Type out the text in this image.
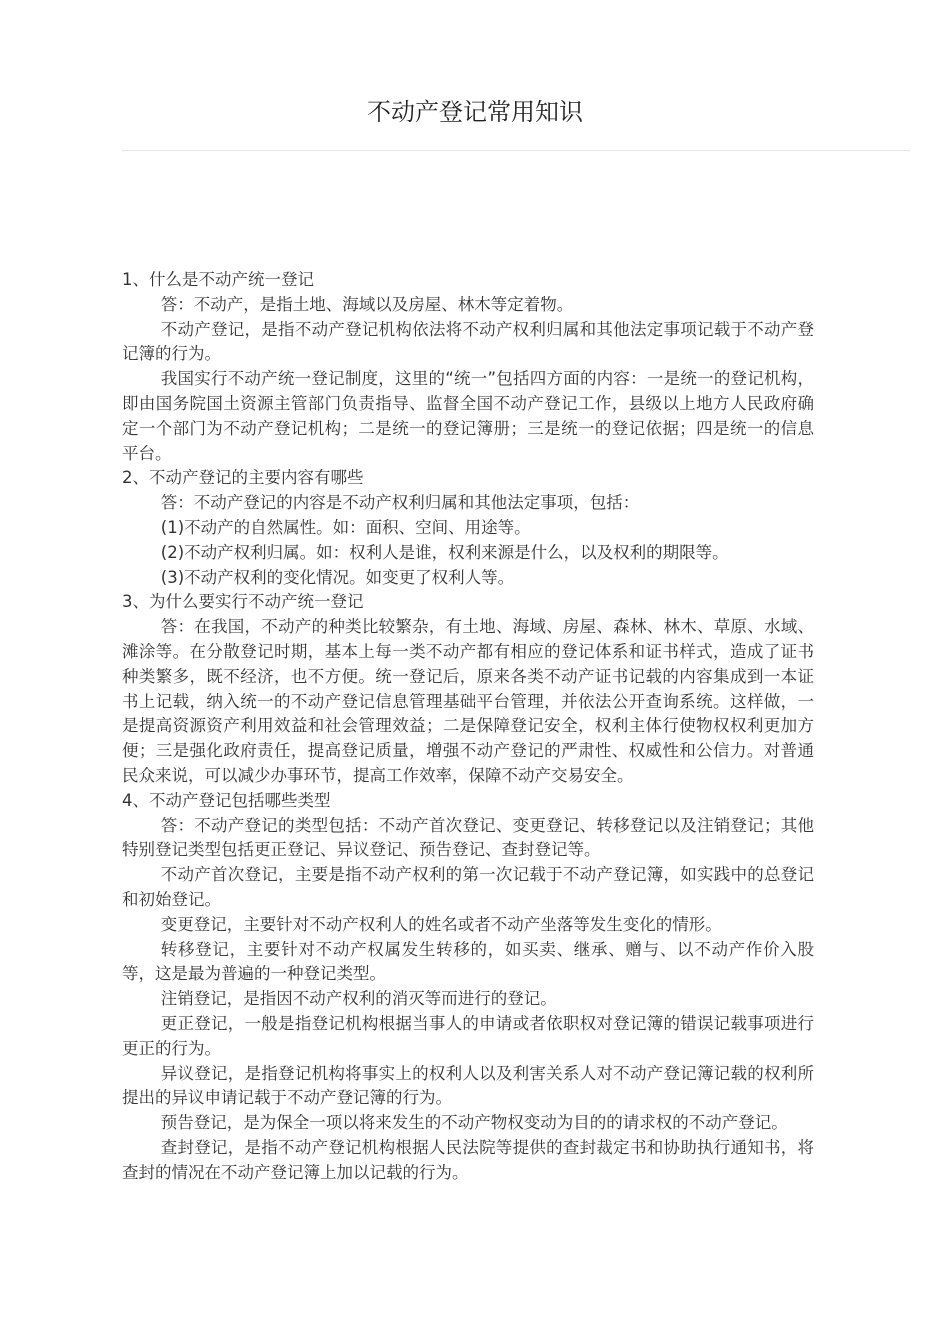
不动产登记常用知识

1、什么是不动产统一登记

答：不动产，是指土地、海域以及房屋、林木等定着物。

不动产登记，是指不动产登记机构依法将不动产权利归属和其他法定事项记载于不动产登记簿的行为。

我国实行不动产统一登记制度，这里的“统一”包括四方面的内容：一是统一的登记机构，即由国务院国土资源主管部门负责指导、监督全国不动产登记工作，县级以上地方人民政府确定一个部门为不动产登记机构；二是统一的登记簿册；三是统一的登记依据；四是统一的信息平台。

2、不动产登记的主要内容有哪些

答：不动产登记的内容是不动产权利归属和其他法定事项，包括：

(1)不动产的自然属性。如：面积、空间、用途等。

(2)不动产权利归属。如：权利人是谁，权利来源是什么，以及权利的期限等。

(3)不动产权利的变化情况。如变更了权利人等。

3、为什么要实行不动产统一登记

答：在我国，不动产的种类比较繁杂，有土地、海域、房屋、森林、林木、草原、水域、滩涂等。在分散登记时期，基本上每一类不动产都有相应的登记体系和证书样式，造成了证书种类繁多，既不经济，也不方便。统一登记后，原来各类不动产证书记载的内容集成到一本证书上记载，纳入统一的不动产登记信息管理基础平台管理，并依法公开查询系统。这样做，一是提高资源资产利用效益和社会管理效益；二是保障登记安全，权利主体行使物权权利更加方便；三是强化政府责任，提高登记质量，增强不动产登记的严肃性、权威性和公信力。对普通民众来说，可以减少办事环节，提高工作效率，保障不动产交易安全。

4、不动产登记包括哪些类型

答：不动产登记的类型包括：不动产首次登记、变更登记、转移登记以及注销登记；其他特别登记类型包括更正登记、异议登记、预告登记、查封登记等。

不动产首次登记，主要是指不动产权利的第一次记载于不动产登记簿，如实践中的总登记和初始登记。

变更登记，主要针对不动产权利人的姓名或者不动产坐落等发生变化的情形。

转移登记，主要针对不动产权属发生转移的，如买卖、继承、赠与、以不动产作价入股等，这是最为普遍的一种登记类型。

注销登记，是指因不动产权利的消灭等而进行的登记。

更正登记，一般是指登记机构根据当事人的申请或者依职权对登记簿的错误记载事项进行更正的行为。

异议登记，是指登记机构将事实上的权利人以及利害关系人对不动产登记簿记载的权利所提出的异议申请记载于不动产登记簿的行为。

预告登记，是为保全一项以将来发生的不动产物权变动为目的的请求权的不动产登记。

查封登记，是指不动产登记机构根据人民法院等提供的查封裁定书和协助执行通知书，将查封的情况在不动产登记簿上加以记载的行为。
